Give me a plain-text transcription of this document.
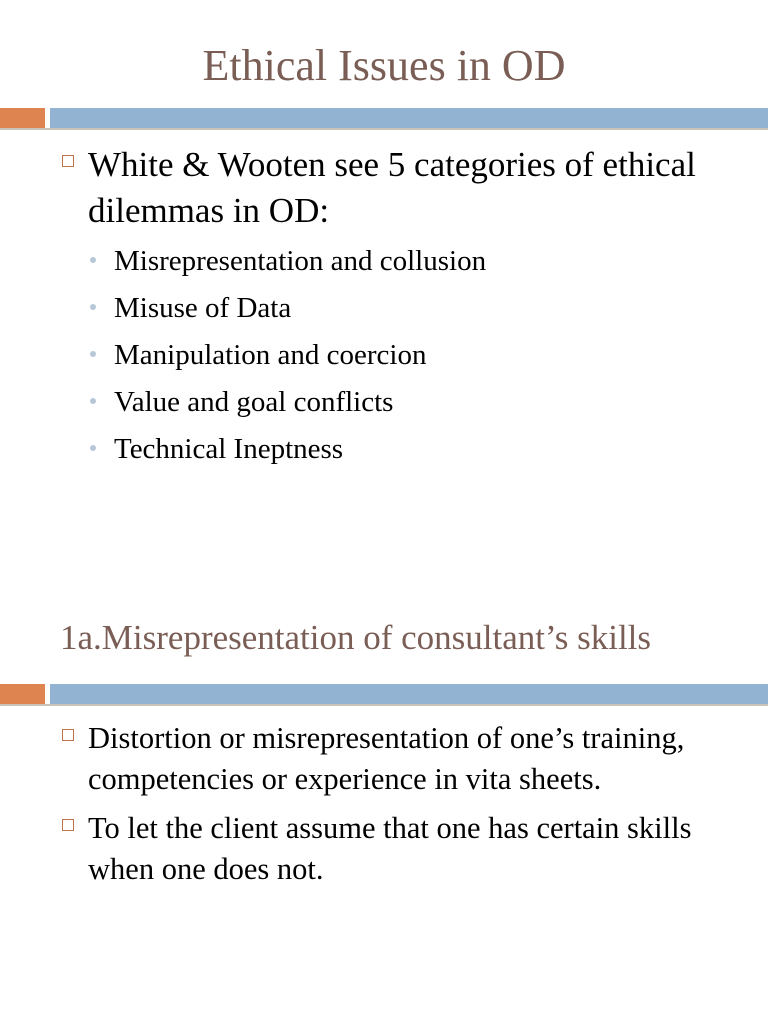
Ethical Issues in OD
White & Wooten see 5 categories of ethical dilemmas in OD:
Misrepresentation and collusion
Misuse of Data
Manipulation and coercion
Value and goal conflicts
Technical Ineptness
1a.Misrepresentation of consultant’s skills
Distortion or misrepresentation of one’s training, competencies or experience in vita sheets.
To let the client assume that one has certain skills when one does not.
